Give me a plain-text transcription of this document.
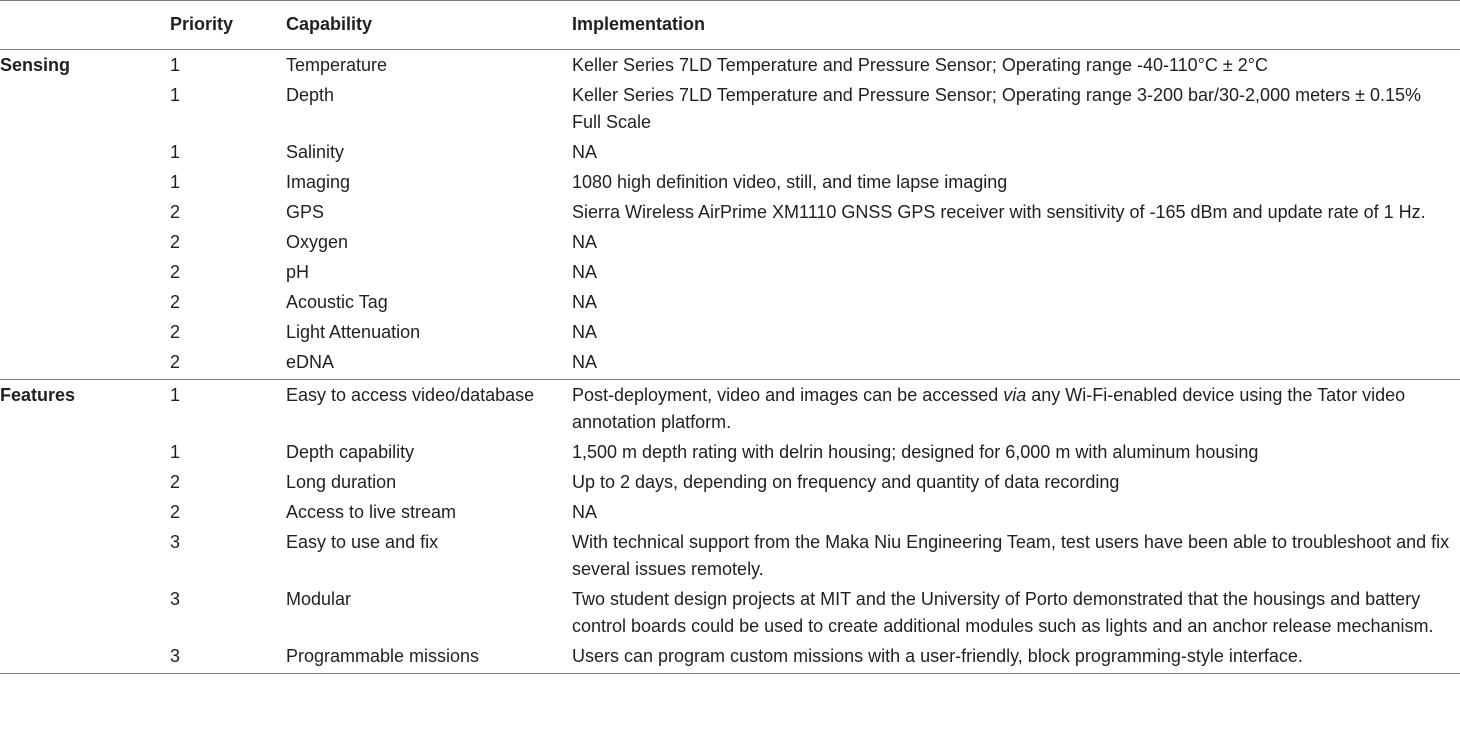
	Priority	Capability	Implementation
Sensing	1	Temperature	Keller Series 7LD Temperature and Pressure Sensor; Operating range -40-110°C ± 2°C
	1	Depth	Keller Series 7LD Temperature and Pressure Sensor; Operating range 3-200 bar/30-2,000 meters ± 0.15% Full Scale
	1	Salinity	NA
	1	Imaging	1080 high definition video, still, and time lapse imaging
	2	GPS	Sierra Wireless AirPrime XM1110 GNSS GPS receiver with sensitivity of -165 dBm and update rate of 1 Hz.
	2	Oxygen	NA
	2	pH	NA
	2	Acoustic Tag	NA
	2	Light Attenuation	NA
	2	eDNA	NA
Features	1	Easy to access video/database	Post-deployment, video and images can be accessed via any Wi-Fi-enabled device using the Tator video annotation platform.
	1	Depth capability	1,500 m depth rating with delrin housing; designed for 6,000 m with aluminum housing
	2	Long duration	Up to 2 days, depending on frequency and quantity of data recording
	2	Access to live stream	NA
	3	Easy to use and fix	With technical support from the Maka Niu Engineering Team, test users have been able to troubleshoot and fix several issues remotely.
	3	Modular	Two student design projects at MIT and the University of Porto demonstrated that the housings and battery control boards could be used to create additional modules such as lights and an anchor release mechanism.
	3	Programmable missions	Users can program custom missions with a user-friendly, block programming-style interface.
